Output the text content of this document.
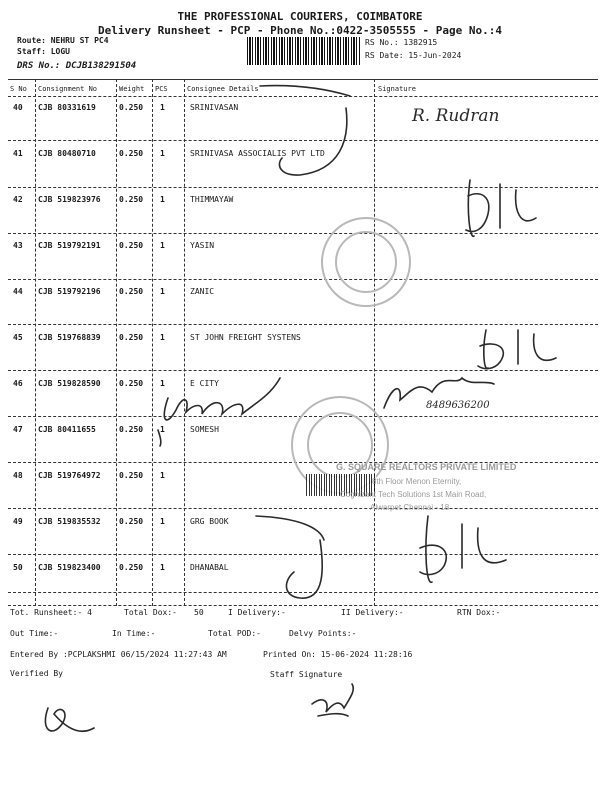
THE PROFESSIONAL COURIERS, COIMBATORE
Delivery Runsheet - PCP - Phone No.:0422-3505555 - Page No.:4
Route: NEHRU ST PC4
Staff: LOGU
DRS No.: DCJB138291504
RS No.: 1382915
RS Date: 15-Jun-2024
S No Consignment No	Weight PCS	Consignee Details	Signature
40 CJB 80331619	0.250 1	SRINIVASAN
41 CJB 80480710	0.250 1	SRINIVASA ASSOCIALIS PVT LTD
42 CJB 519823976 0.250 1	THIMMAYAW
43 CJB 519792191 0.250 1	YASIN
44 CJB 519792196 0.250 1	ZANIC
45 CJB 519768839 0.250 1	ST JOHN FREIGHT SYSTENS
46 CJB 519828590 0.250 1	E CITY
47 CJB 80411655	0.250 1	SOMESH
48 CJB 519764972 0.250 1
49 CJB 519835532 0.250 1	GRG BOOK
50 CJB 519823400 0.250 1	DHANABAL
R. Rudran
8489636200
G. SQUARE REALTORS PRIVATE LIMITED
8th Floor Menon Eternity,
Cognizant Tech Solutions 1st Main Road,
Alwarpet Chennai - 18
Tot. Runsheet:- 4	Total Dox:- 50	I Delivery:-	II Delivery:-	RTN Dox:-
Out Time:-	In Time:-	Total POD:-	Delvy Points:-
Entered By :PCPLAKSHMI 06/15/2024 11:27:43 AM	Printed On: 15-06-2024 11:28:16
Verified By	Staff Signature
